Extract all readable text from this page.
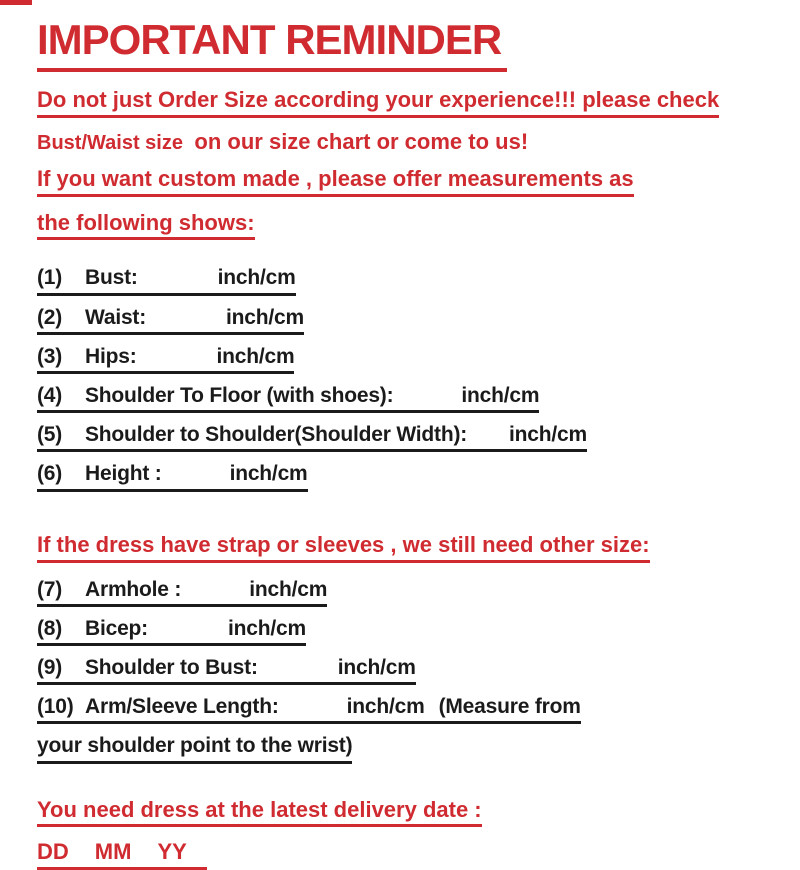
IMPORTANT REMINDER
Do not just Order Size according your experience!!! please check
Bust/Waist size on our size chart or come to us!
If you want custom made , please offer measurements as
the following shows:
(1) Bust:	inch/cm
(2) Waist:	inch/cm
(3) Hips:	inch/cm
(4) Shoulder To Floor (with shoes):	inch/cm
(5) Shoulder to Shoulder(Shoulder Width): inch/cm
(6) Height :	inch/cm
If the dress have strap or sleeves , we still need other size:
(7) Armhole :	inch/cm
(8) Bicep:	inch/cm
(9) Shoulder to Bust:	inch/cm
(10) Arm/Sleeve Length:	inch/cm (Measure from
your shoulder point to the wrist)
You need dress at the latest delivery date :
DD MM YY
